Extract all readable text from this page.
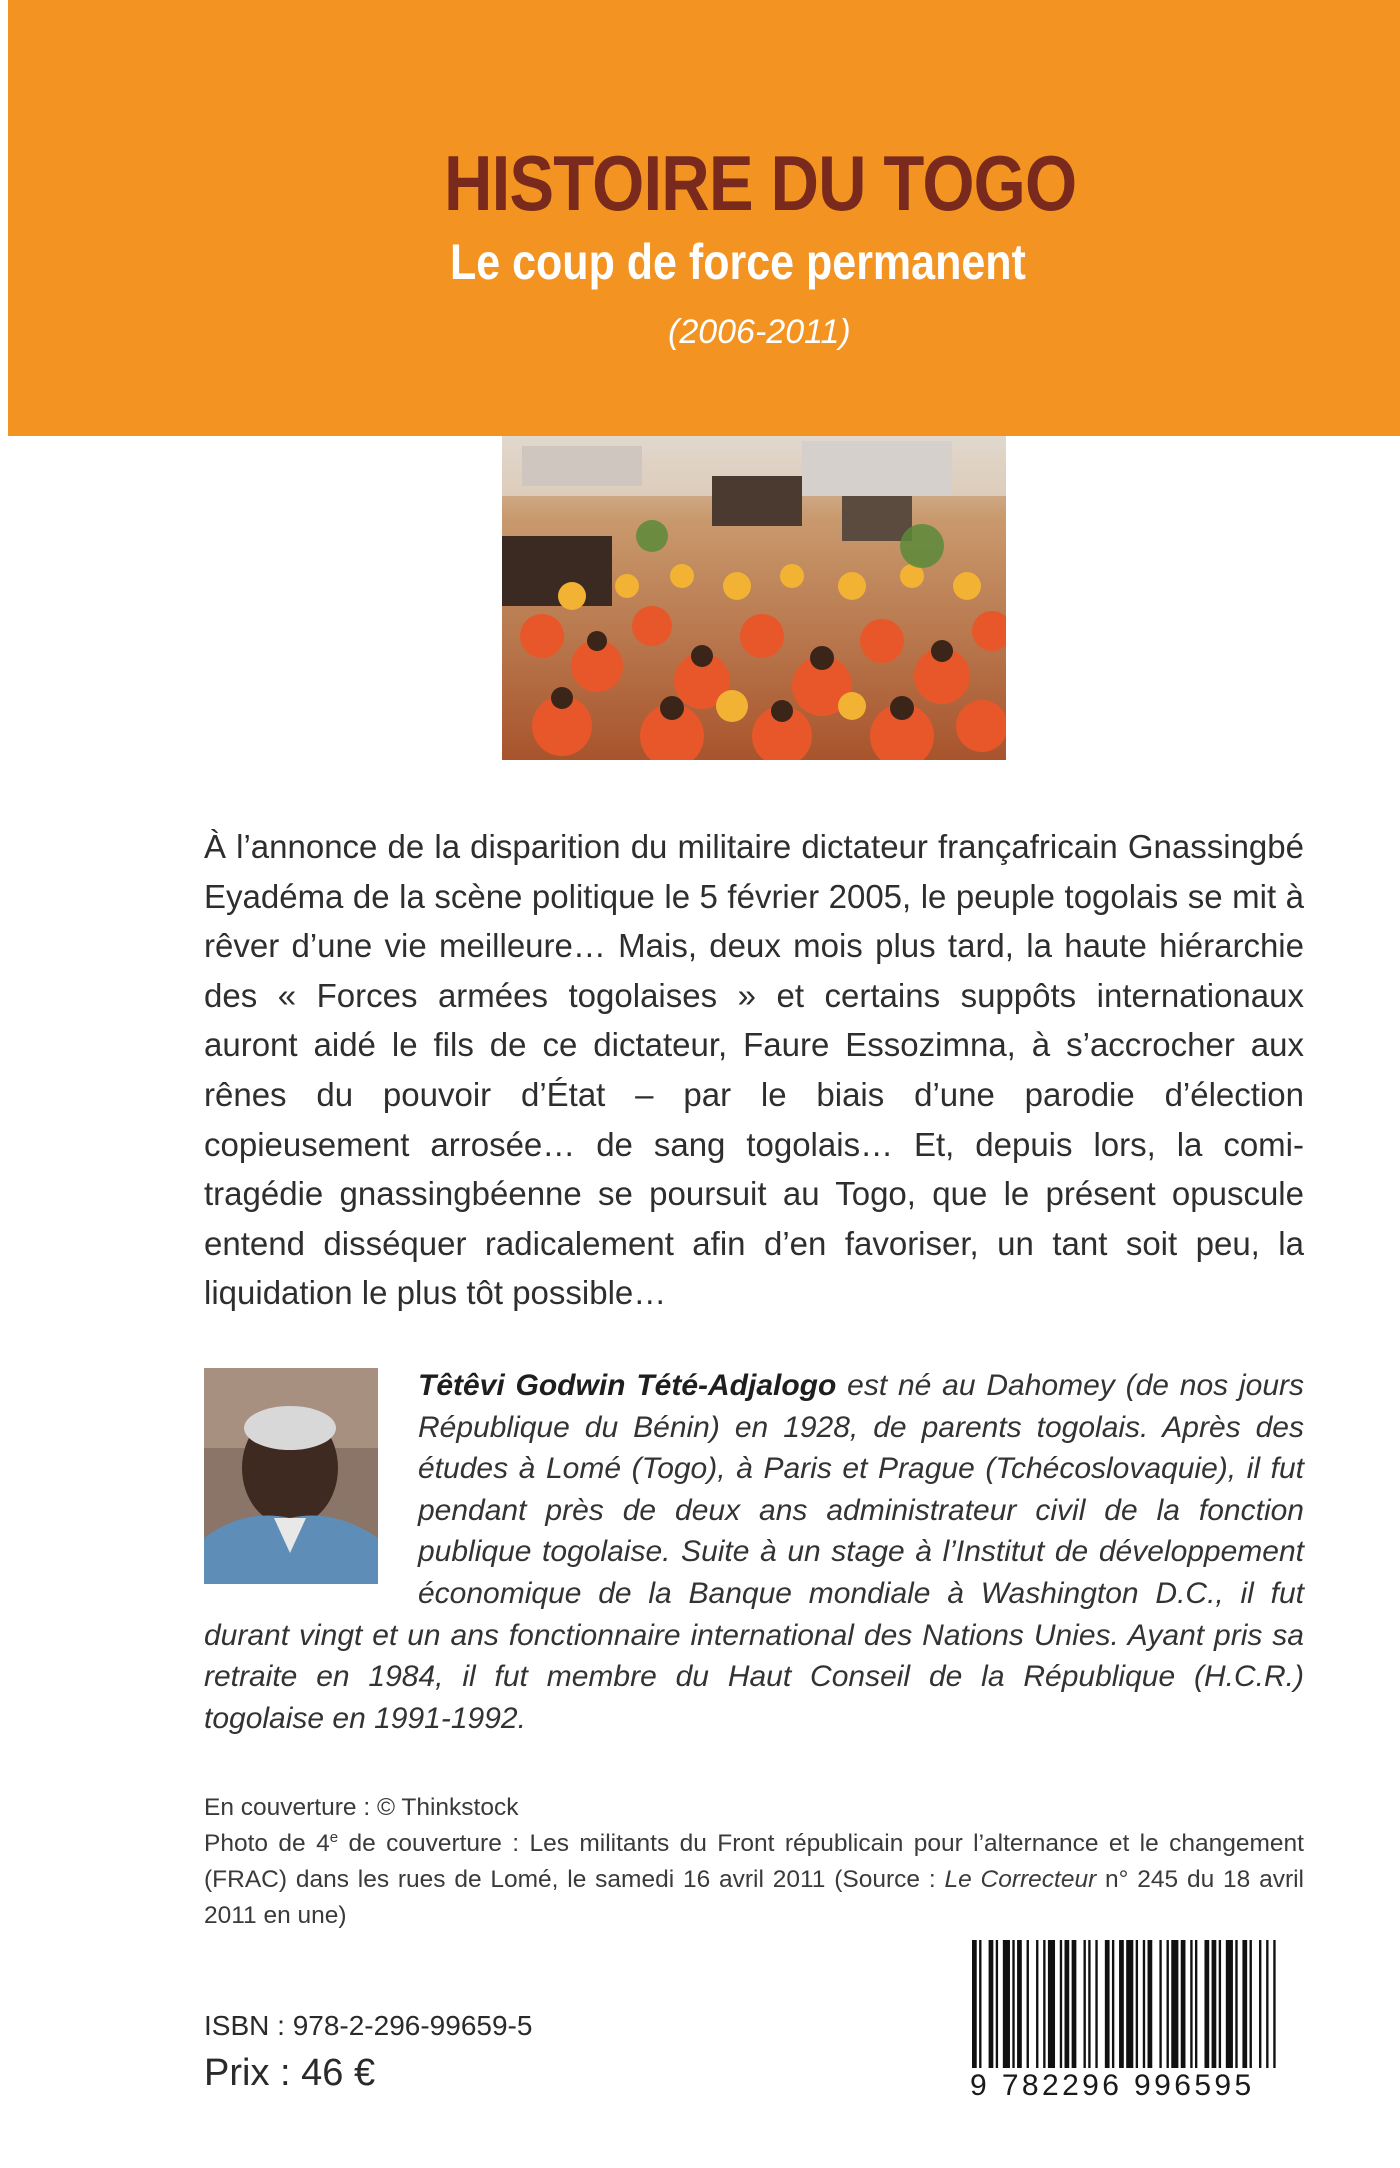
HISTOIRE DU TOGO
Le coup de force permanent
(2006-2011)

À l’annonce de la disparition du militaire dictateur françafricain Gnassingbé Eyadéma de la scène politique le 5 février 2005, le peuple togolais se mit à rêver d’une vie meilleure… Mais, deux mois plus tard, la haute hiérarchie des « Forces armées togolaises » et certains suppôts internationaux auront aidé le fils de ce dictateur, Faure Essozimna, à s’accrocher aux rênes du pouvoir d’État – par le biais d’une parodie d’élection copieusement arrosée… de sang togolais… Et, depuis lors, la comi-tragédie gnassingbéenne se poursuit au Togo, que le présent opuscule entend disséquer radicalement afin d’en favoriser, un tant soit peu, la liquidation le plus tôt possible…

Têtêvi Godwin Tété-Adjalogo est né au Dahomey (de nos jours République du Bénin) en 1928, de parents togolais. Après des études à Lomé (Togo), à Paris et Prague (Tchécoslovaquie), il fut pendant près de deux ans administrateur civil de la fonction publique togolaise. Suite à un stage à l’Institut de développement économique de la Banque mondiale à Washington D.C., il fut durant vingt et un ans fonctionnaire international des Nations Unies. Ayant pris sa retraite en 1984, il fut membre du Haut Conseil de la République (H.C.R.) togolaise en 1991-1992.

En couverture : © Thinkstock

Photo de 4e de couverture : Les militants du Front républicain pour l’alternance et le changement (FRAC) dans les rues de Lomé, le samedi 16 avril 2011 (Source : Le Correcteur n° 245 du 18 avril 2011 en une)

ISBN : 978-2-296-99659-5
Prix : 46 €	9 782296 996595
